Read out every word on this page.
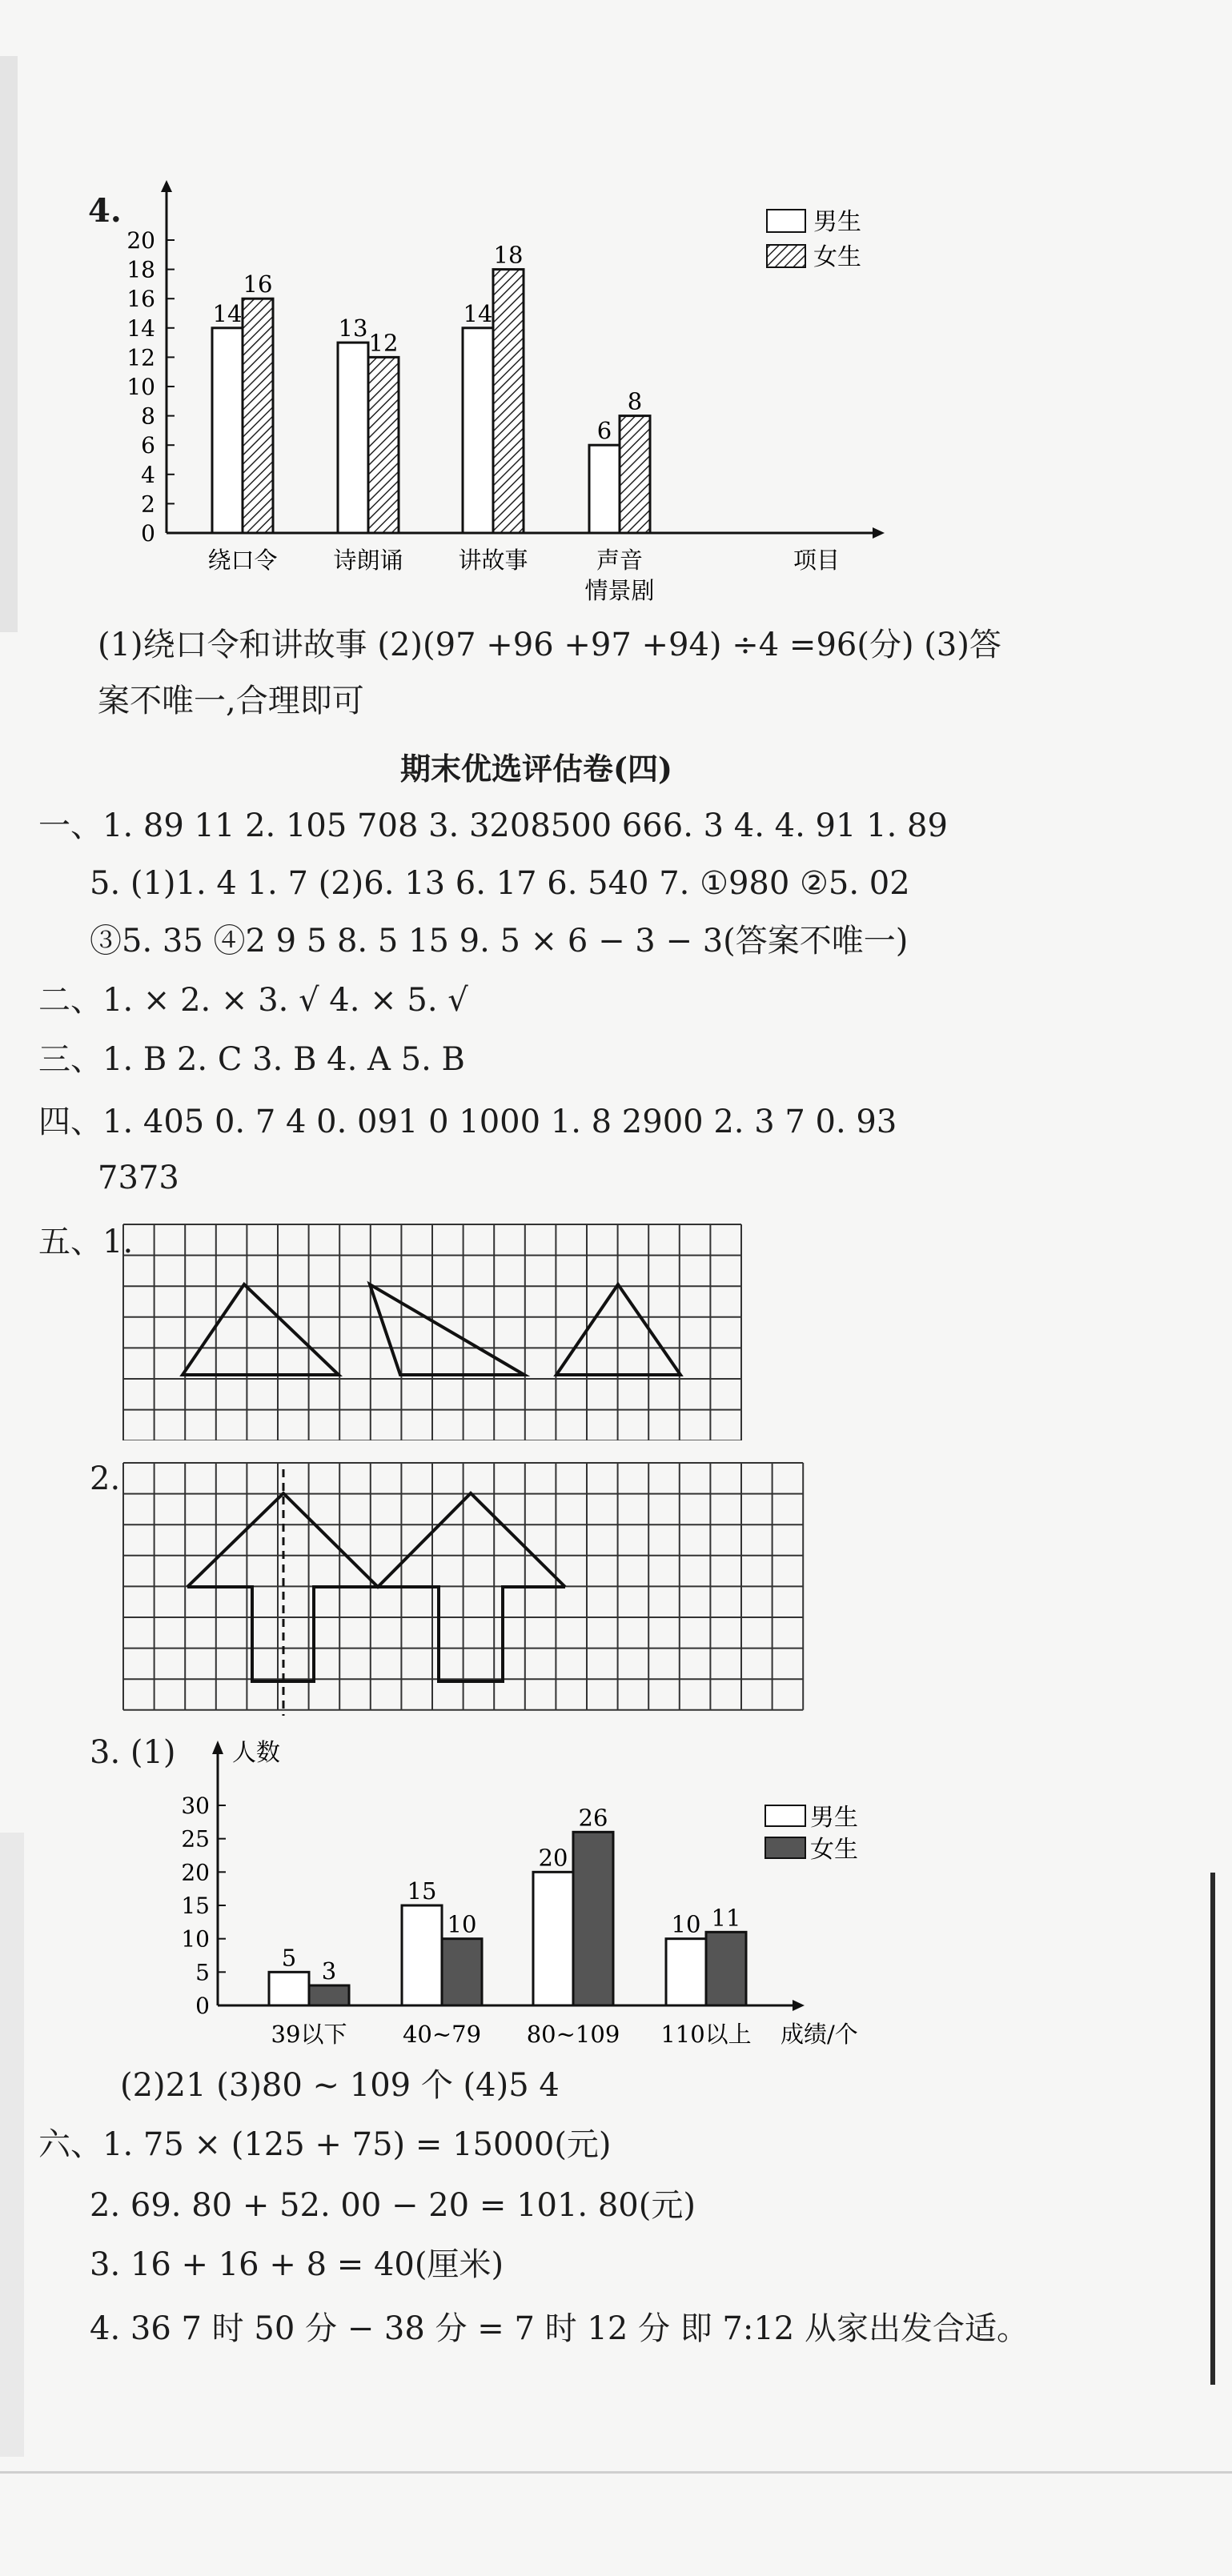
4.
0
2
4
6
8
10
12
14
16
18
20
14
16
绕口令
13
12
诗朗诵
14
18
讲故事
6
8
声音
情景剧
项目
男生
女生
(1)绕口令和讲故事 (2)(97 +96 +97 +94) ÷4 =96(分) (3)答
案不唯一,合理即可
期末优选评估卷(四)
一、1. 89 11 2. 105 708 3. 3208500 666. 3 4. 4. 91 1. 89
5. (1)1. 4 1. 7 (2)6. 13 6. 17 6. 540 7. ①980 ②5. 02
③5. 35 ④2 9 5 8. 5 15 9. 5 × 6 − 3 − 3(答案不唯一)
二、1. × 2. × 3. √ 4. × 5. √
三、1. B 2. C 3. B 4. A 5. B
四、1. 405 0. 7 4 0. 091 0 1000 1. 8 2900 2. 3 7 0. 93
7373
五、1.
2.
3. (1) 人数
0
5
10
15
20
25
30
5 3
39以下
15
10
40~79
20
26
80~109
10 11
110以上 成绩/个
男生
女生
(2)21 (3)80 ~ 109 个 (4)5 4
六、1. 75 × (125 + 75) = 15000(元)
2. 69. 80 + 52. 00 − 20 = 101. 80(元)
3. 16 + 16 + 8 = 40(厘米)
4. 36 7 时 50 分 − 38 分 = 7 时 12 分 即 7:12 从家出发合适。
